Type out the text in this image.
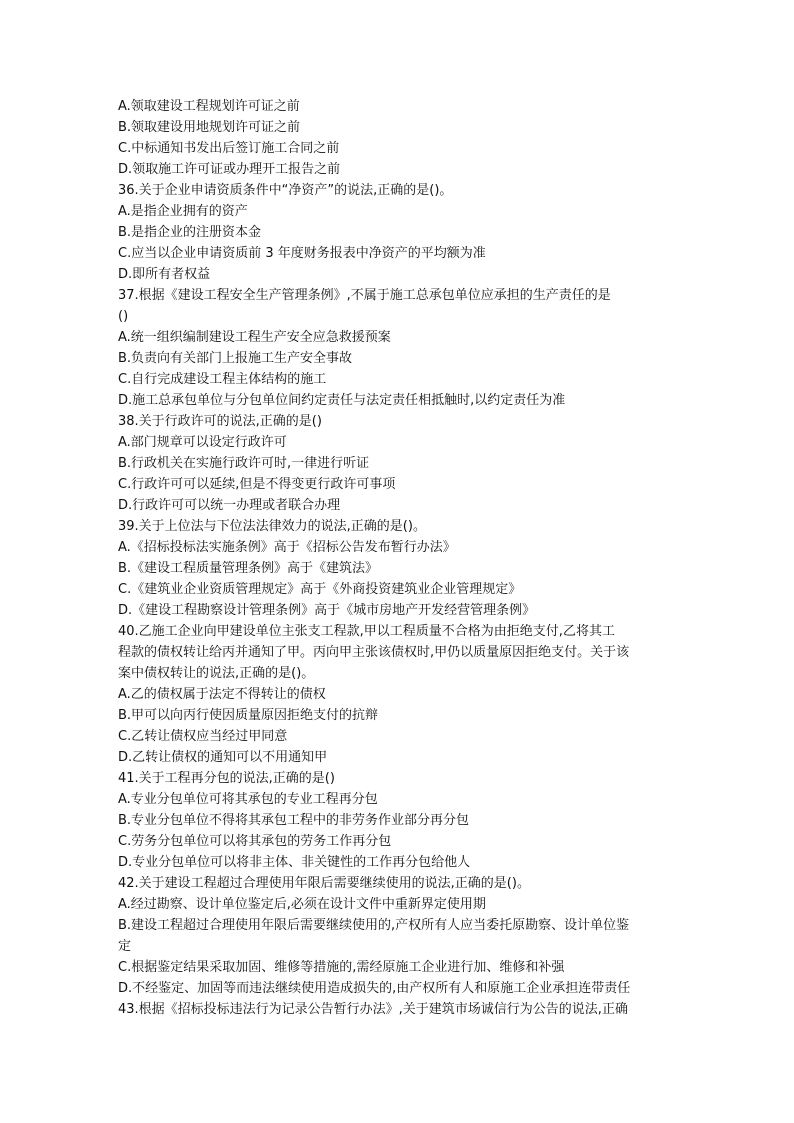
A.领取建设工程规划许可证之前
B.领取建设用地规划许可证之前
C.中标通知书发出后签订施工合同之前
D.领取施工许可证或办理开工报告之前
36.关于企业申请资质条件中“净资产”的说法,正确的是()。
A.是指企业拥有的资产
B.是指企业的注册资本金
C.应当以企业申请资质前 3 年度财务报表中净资产的平均额为准
D.即所有者权益
37.根据《建设工程安全生产管理条例》,不属于施工总承包单位应承担的生产责任的是
()
A.统一组织编制建设工程生产安全应急救援预案
B.负责向有关部门上报施工生产安全事故
C.自行完成建设工程主体结构的施工
D.施工总承包单位与分包单位间约定责任与法定责任相抵触时,以约定责任为准
38.关于行政许可的说法,正确的是()
A.部门规章可以设定行政许可
B.行政机关在实施行政许可时,一律进行听证
C.行政许可可以延续,但是不得变更行政许可事项
D.行政许可可以统一办理或者联合办理
39.关于上位法与下位法法律效力的说法,正确的是()。
A.《招标投标法实施条例》高于《招标公告发布暂行办法》
B.《建设工程质量管理条例》高于《建筑法》
C.《建筑业企业资质管理规定》高于《外商投资建筑业企业管理规定》
D.《建设工程勘察设计管理条例》高于《城市房地产开发经营管理条例》
40.乙施工企业向甲建设单位主张支工程款,甲以工程质量不合格为由拒绝支付,乙将其工
程款的债权转让给丙并通知了甲。丙向甲主张该债权时,甲仍以质量原因拒绝支付。关于该
案中债权转让的说法,正确的是()。
A.乙的债权属于法定不得转让的债权
B.甲可以向丙行使因质量原因拒绝支付的抗辩
C.乙转让债权应当经过甲同意
D.乙转让债权的通知可以不用通知甲
41.关于工程再分包的说法,正确的是()
A.专业分包单位可将其承包的专业工程再分包
B.专业分包单位不得将其承包工程中的非劳务作业部分再分包
C.劳务分包单位可以将其承包的劳务工作再分包
D.专业分包单位可以将非主体、非关键性的工作再分包给他人
42.关于建设工程超过合理使用年限后需要继续使用的说法,正确的是()。
A.经过勘察、设计单位鉴定后,必须在设计文件中重新界定使用期
B.建设工程超过合理使用年限后需要继续使用的,产权所有人应当委托原勘察、设计单位鉴
定
C.根据鉴定结果采取加固、维修等措施的,需经原施工企业进行加、维修和补强
D.不经鉴定、加固等而违法继续使用造成损失的,由产权所有人和原施工企业承担连带责任
43.根据《招标投标违法行为记录公告暂行办法》,关于建筑市场诚信行为公告的说法,正确
